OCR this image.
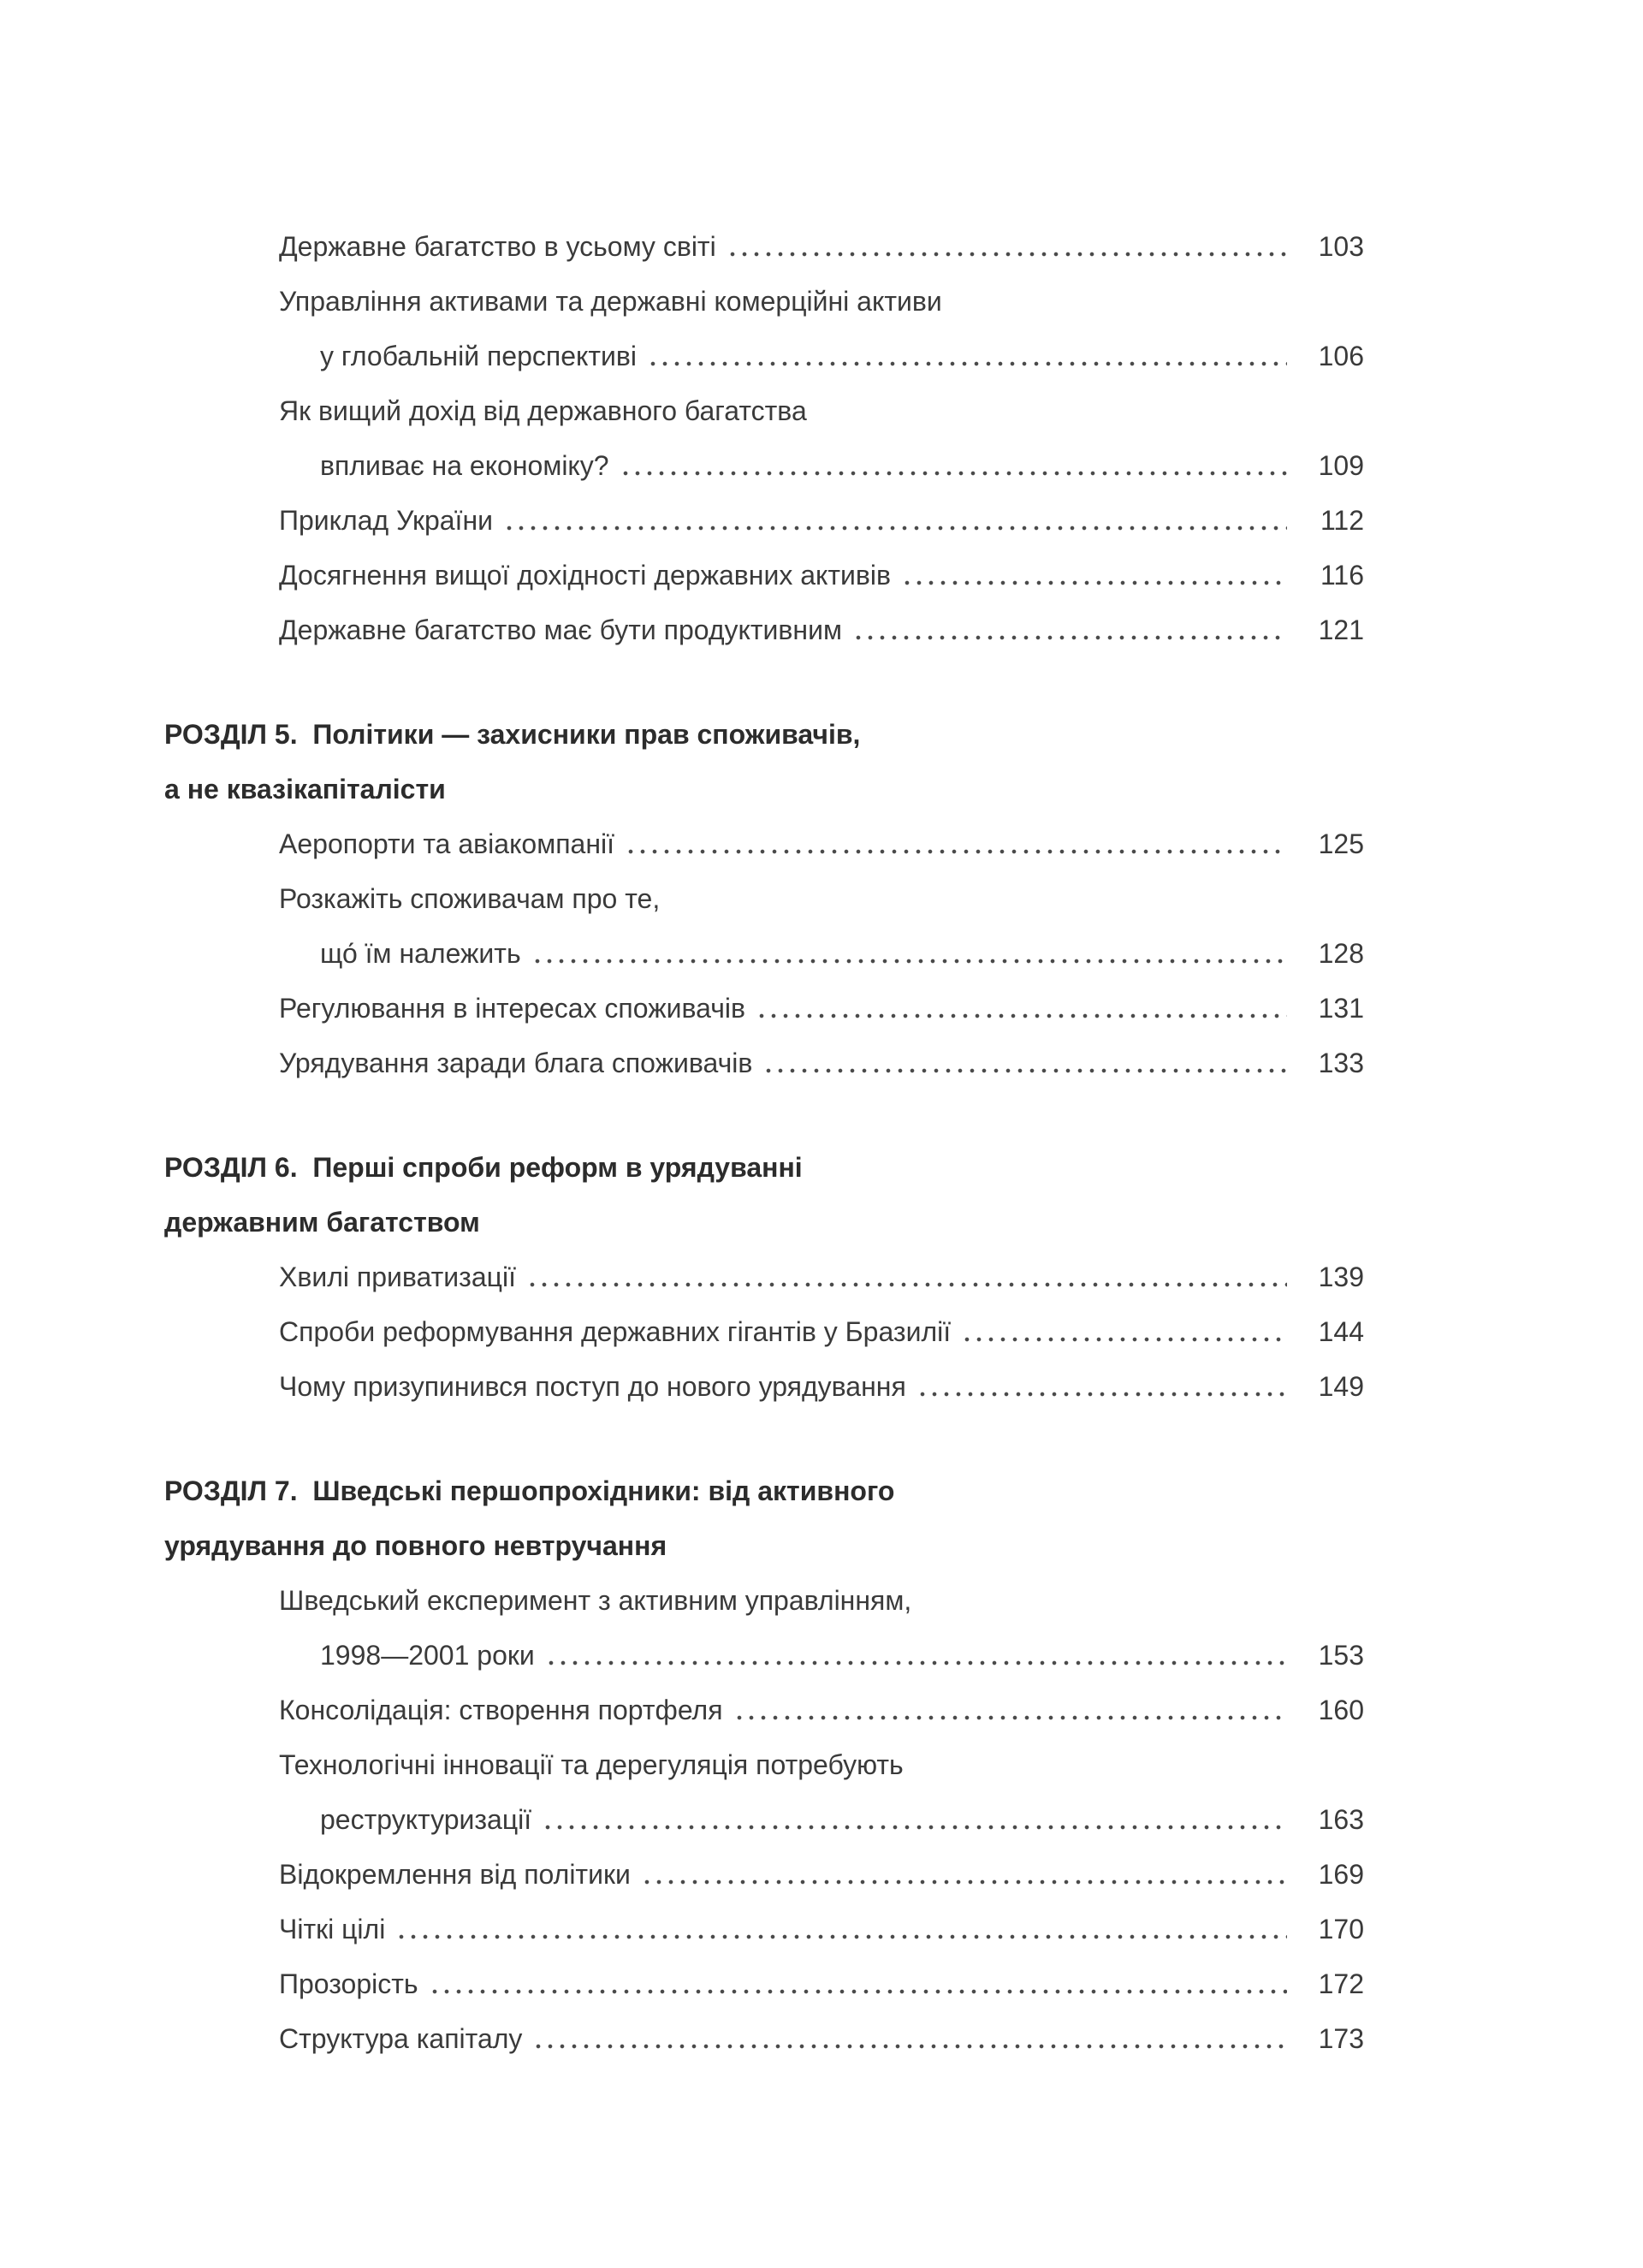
Державне багатство в усьому світі	103
Управління активами та державні комерційні активи
у глобальній перспективі	106
Як вищий дохід від державного багатства
впливає на економіку?	109
Приклад України	112
Досягнення вищої дохідності державних активів	116
Державне багатство має бути продуктивним	121
РОЗДІЛ 5.  Політики — захисники прав споживачів,
а не квазікапіталісти
Аеропорти та авіакомпанії	125
Розкажіть споживачам про те,
що́ їм належить	128
Регулювання в інтересах споживачів	131
Урядування заради блага споживачів	133
РОЗДІЛ 6.  Перші спроби реформ в урядуванні
державним багатством
Хвилі приватизації	139
Спроби реформування державних гігантів у Бразилії	144
Чому призупинився поступ до нового урядування	149
РОЗДІЛ 7.  Шведські першопрохідники: від активного
урядування до повного невтручання
Шведський експеримент з активним управлінням,
1998—2001 роки	153
Консолідація: створення портфеля	160
Технологічні інновації та дерегуляція потребують
реструктуризації	163
Відокремлення від політики	169
Чіткі цілі	170
Прозорість	172
Структура капіталу	173
